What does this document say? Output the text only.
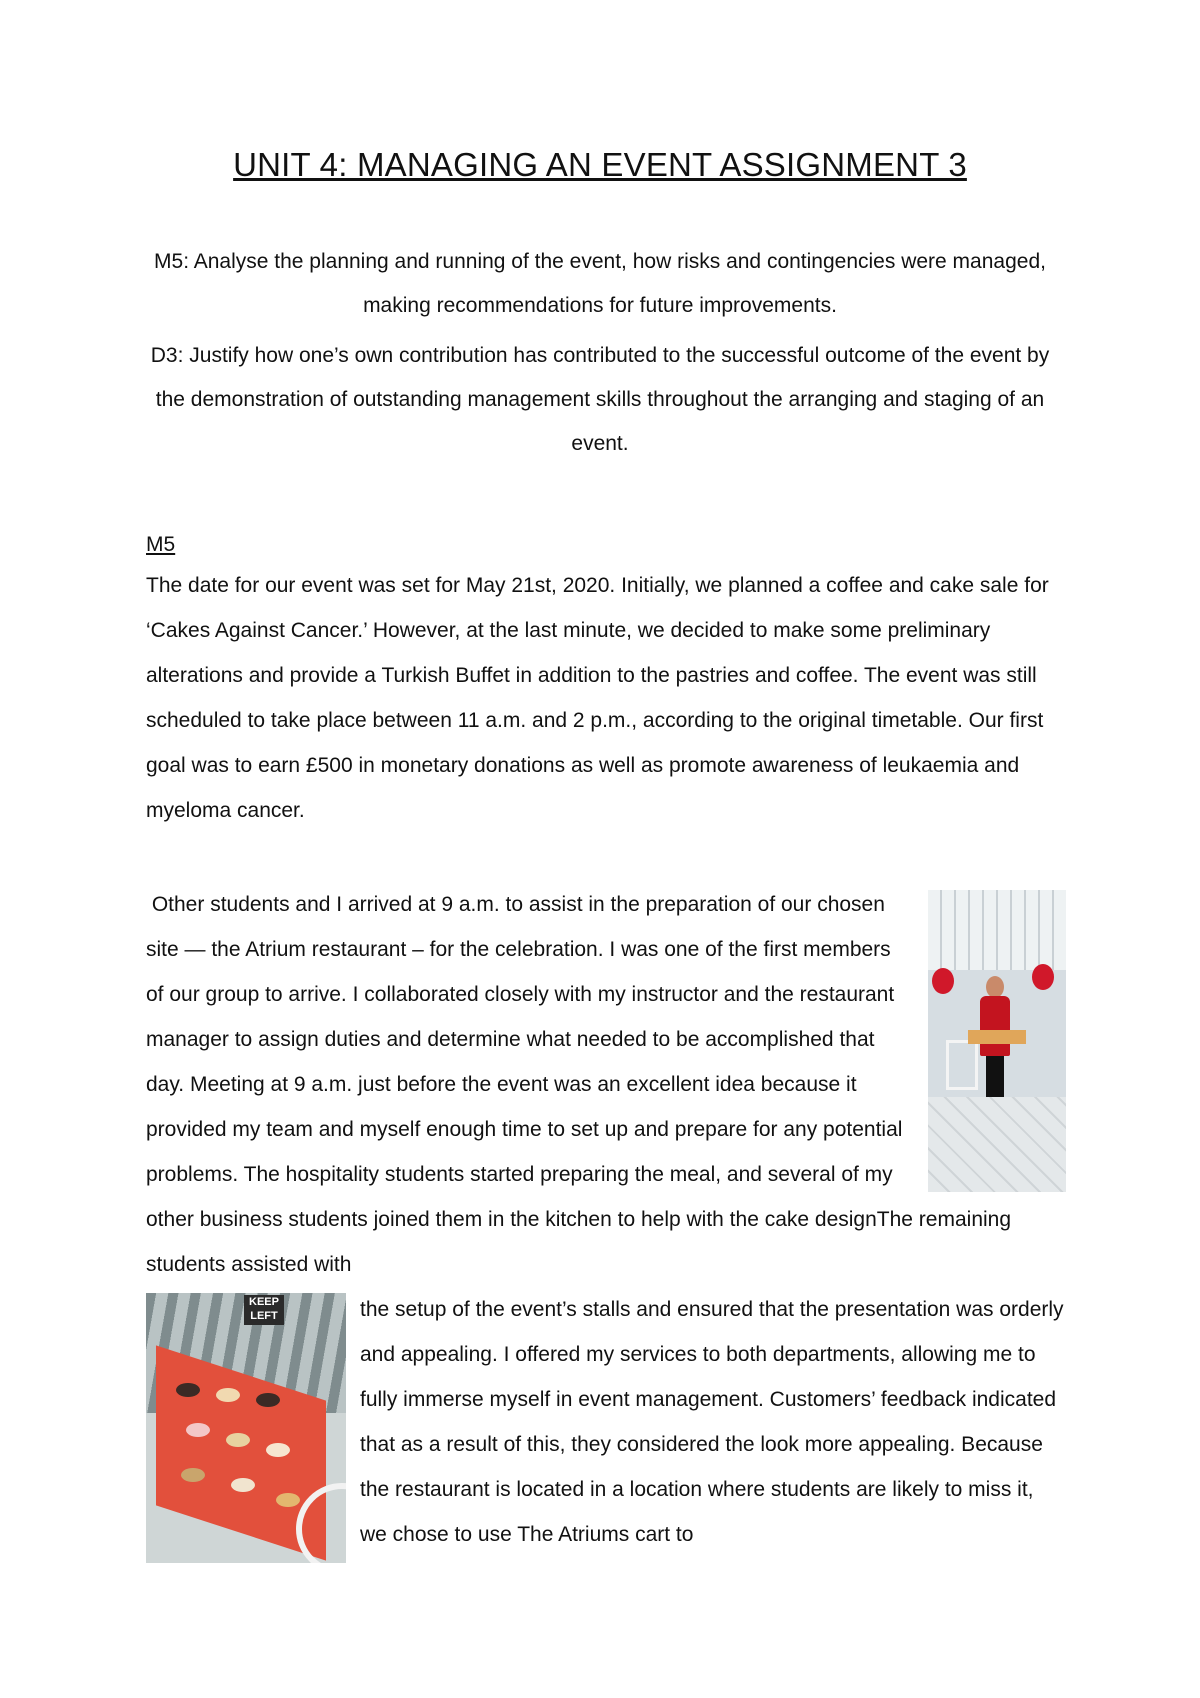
UNIT 4: MANAGING AN EVENT ASSIGNMENT 3

M5: Analyse the planning and running of the event, how risks and contingencies were managed, making recommendations for future improvements.

D3: Justify how one’s own contribution has contributed to the successful outcome of the event by the demonstration of outstanding management skills throughout the arranging and staging of an event.

M5

The date for our event was set for May 21st, 2020. Initially, we planned a coffee and cake sale for ‘Cakes Against Cancer.’ However, at the last minute, we decided to make some preliminary alterations and provide a Turkish Buffet in addition to the pastries and coffee. The event was still scheduled to take place between 11 a.m. and 2 p.m., according to the original timetable. Our first goal was to earn £500 in monetary donations as well as promote awareness of leukaemia and myeloma cancer.

Other students and I arrived at 9 a.m. to assist in the preparation of our chosen site — the Atrium restaurant – for the celebration. I was one of the first members of our group to arrive. I collaborated closely with my instructor and the restaurant manager to assign duties and determine what needed to be accomplished that day. Meeting at 9 a.m. just before the event was an excellent idea because it provided my team and myself enough time to set up and prepare for any potential problems. The hospitality students started preparing the meal, and several of my other business students joined them in the kitchen to help with the cake designThe remaining students assisted with

KEEP LEFT	the setup of the event’s stalls and ensured that the presentation was orderly and appealing. I offered my services to both departments, allowing me to fully immerse myself in event management. Customers’ feedback indicated that as a result of this, they considered the look more appealing. Because the restaurant is located in a location where students are likely to miss it, we chose to use The Atriums cart to
